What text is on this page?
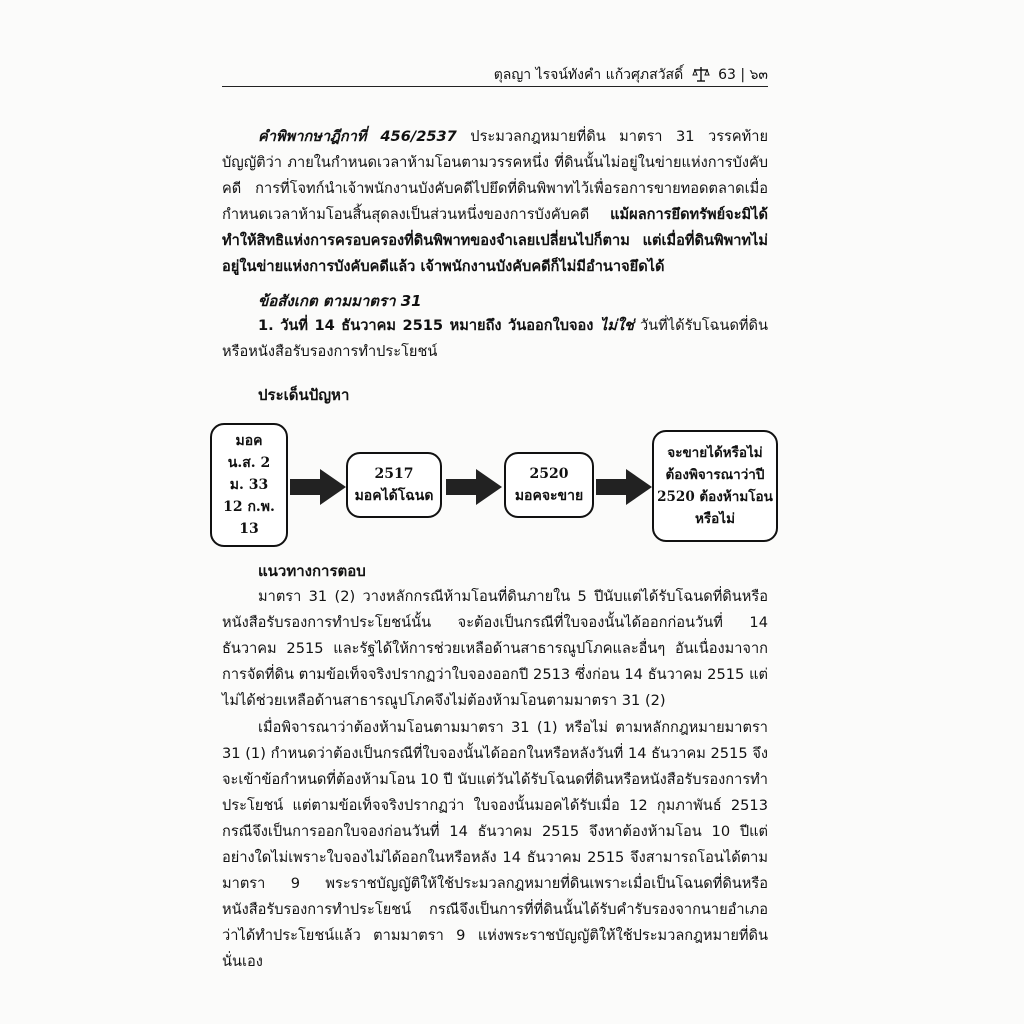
ตุลญา ไรจน์ทังคำ แก้วศุภสวัสดิ์ 63 | ๖๓

คำพิพากษาฎีกาที่ 456/2537 ประมวลกฎหมายที่ดิน มาตรา 31 วรรคท้าย บัญญัติว่า ภายในกำหนดเวลาห้ามโอนตามวรรคหนึ่ง ที่ดินนั้นไม่อยู่ในข่ายแห่งการบังคับคดี การที่โจทก์นำเจ้าพนักงานบังคับคดีไปยึดที่ดินพิพาทไว้เพื่อรอการขายทอดตลาดเมื่อกำหนดเวลาห้ามโอนสิ้นสุดลงเป็นส่วนหนึ่งของการบังคับคดี แม้ผลการยึดทรัพย์จะมิได้ทำให้สิทธิแห่งการครอบครองที่ดินพิพาทของจำเลยเปลี่ยนไปก็ตาม แต่เมื่อที่ดินพิพาทไม่อยู่ในข่ายแห่งการบังคับคดีแล้ว เจ้าพนักงานบังคับคดีก็ไม่มีอำนาจยึดได้

ข้อสังเกต ตามมาตรา 31

1. วันที่ 14 ธันวาคม 2515 หมายถึง วันออกใบจอง ไม่ใช่ วันที่ได้รับโฉนดที่ดินหรือหนังสือรับรองการทำประโยชน์

ประเด็นปัญหา
มอค
น.ส. 2
ม. 33
12 ก.พ. 13
2517
มอคได้โฉนด
2520
มอคจะขาย
จะขายได้หรือไม่
ต้องพิจารณาว่าปี
2520 ต้องห้ามโอน
หรือไม่
แนวทางการตอบ

มาตรา 31 (2) วางหลักกรณีห้ามโอนที่ดินภายใน 5 ปีนับแต่ได้รับโฉนดที่ดินหรือหนังสือรับรองการทำประโยชน์นั้น จะต้องเป็นกรณีที่ใบจองนั้นได้ออกก่อนวันที่ 14 ธันวาคม 2515 และรัฐได้ให้การช่วยเหลือด้านสาธารณูปโภคและอื่นๆ อันเนื่องมาจากการจัดที่ดิน ตามข้อเท็จจริงปรากฏว่าใบจองออกปี 2513 ซึ่งก่อน 14 ธันวาคม 2515 แต่ไม่ได้ช่วยเหลือด้านสาธารณูปโภคจึงไม่ต้องห้ามโอนตามมาตรา 31 (2)

เมื่อพิจารณาว่าต้องห้ามโอนตามมาตรา 31 (1) หรือไม่ ตามหลักกฎหมายมาตรา 31 (1) กำหนดว่าต้องเป็นกรณีที่ใบจองนั้นได้ออกในหรือหลังวันที่ 14 ธันวาคม 2515 จึงจะเข้าข้อกำหนดที่ต้องห้ามโอน 10 ปี นับแต่วันได้รับโฉนดที่ดินหรือหนังสือรับรองการทำประโยชน์ แต่ตามข้อเท็จจริงปรากฏว่า ใบจองนั้นมอคได้รับเมื่อ 12 กุมภาพันธ์ 2513 กรณีจึงเป็นการออกใบจองก่อนวันที่ 14 ธันวาคม 2515 จึงหาต้องห้ามโอน 10 ปีแต่อย่างใดไม่เพราะใบจองไม่ได้ออกในหรือหลัง 14 ธันวาคม 2515 จึงสามารถโอนได้ตามมาตรา 9 พระราชบัญญัติให้ใช้ประมวลกฎหมายที่ดินเพราะเมื่อเป็นโฉนดที่ดินหรือหนังสือรับรองการทำประโยชน์ กรณีจึงเป็นการที่ที่ดินนั้นได้รับคำรับรองจากนายอำเภอว่าได้ทำประโยชน์แล้ว ตามมาตรา 9 แห่งพระราชบัญญัติให้ใช้ประมวลกฎหมายที่ดินนั่นเอง
